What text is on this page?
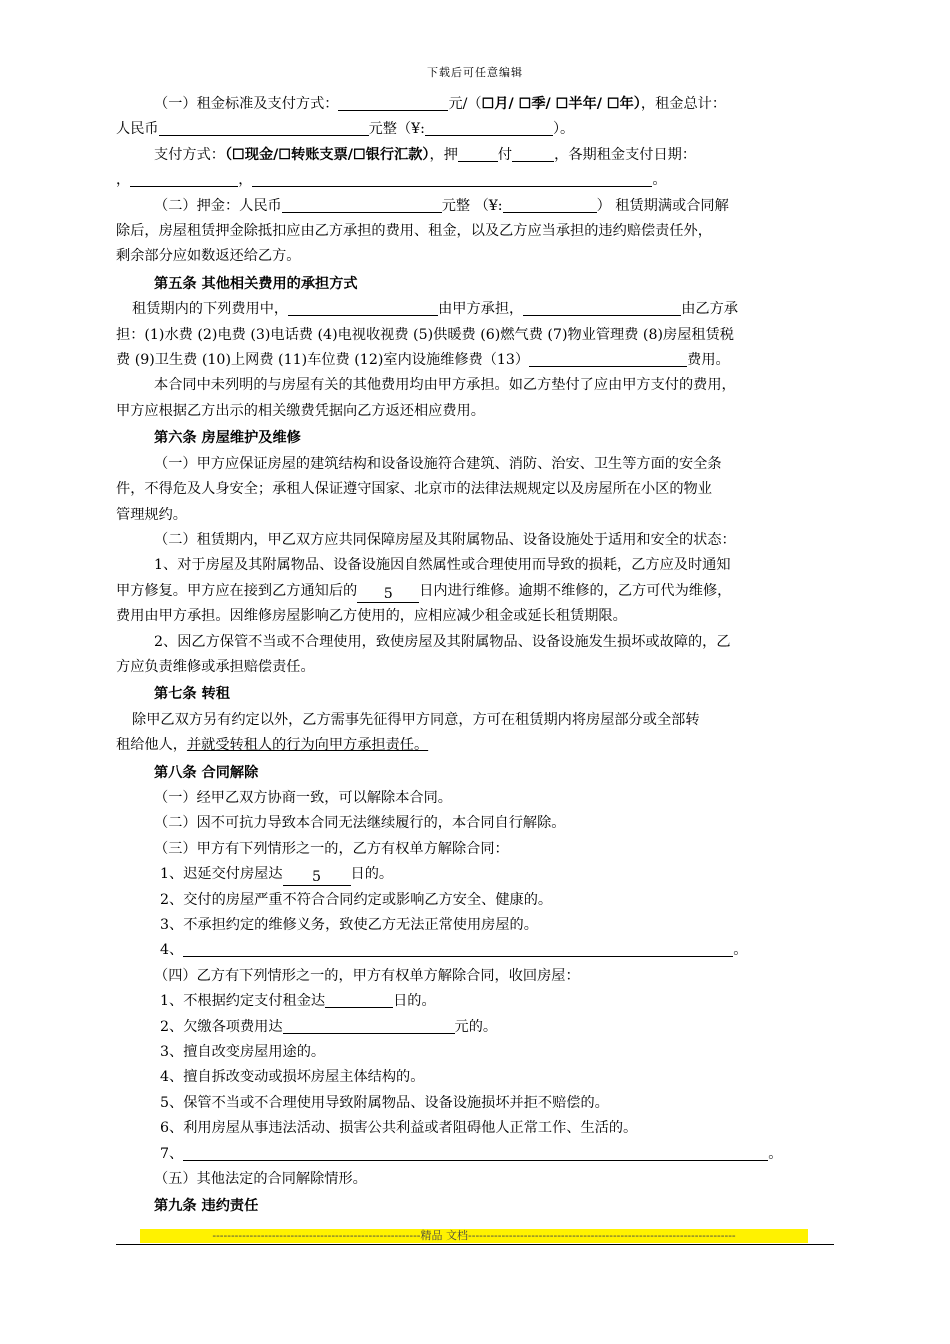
下载后可任意编辑

（一）租金标准及支付方式：	元/（☐月/ ☐季/ ☐半年/ ☐年），租金总计：

人民币	元整（¥:	）。

支付方式：（☐现金/☐转账支票/☐银行汇款），押	付	，各期租金支付日期：

，	，	。

（二）押金：人民币	元整 （¥:	） 租赁期满或合同解

除后，房屋租赁押金除抵扣应由乙方承担的费用、租金，以及乙方应当承担的违约赔偿责任外，

剩余部分应如数返还给乙方。

第五条 其他相关费用的承担方式

租赁期内的下列费用中，	由甲方承担，	由乙方承

担：(1)水费 (2)电费 (3)电话费 (4)电视收视费 (5)供暖费 (6)燃气费 (7)物业管理费 (8)房屋租赁税

费 (9)卫生费 (10)上网费 (11)车位费 (12)室内设施维修费（13）	费用。

本合同中未列明的与房屋有关的其他费用均由甲方承担。如乙方垫付了应由甲方支付的费用，

甲方应根据乙方出示的相关缴费凭据向乙方返还相应费用。

第六条 房屋维护及维修

（一）甲方应保证房屋的建筑结构和设备设施符合建筑、消防、治安、卫生等方面的安全条

件，不得危及人身安全；承租人保证遵守国家、北京市的法律法规规定以及房屋所在小区的物业

管理规约。

（二）租赁期内，甲乙双方应共同保障房屋及其附属物品、设备设施处于适用和安全的状态：

1、对于房屋及其附属物品、设备设施因自然属性或合理使用而导致的损耗，乙方应及时通知

甲方修复。甲方应在接到乙方通知后的 5 日内进行维修。逾期不维修的，乙方可代为维修，

费用由甲方承担。因维修房屋影响乙方使用的，应相应减少租金或延长租赁期限。

2、因乙方保管不当或不合理使用，致使房屋及其附属物品、设备设施发生损坏或故障的，乙

方应负责维修或承担赔偿责任。

第七条 转租

除甲乙双方另有约定以外，乙方需事先征得甲方同意，方可在租赁期内将房屋部分或全部转

租给他人，并就受转租人的行为向甲方承担责任。

第八条 合同解除

（一）经甲乙双方协商一致，可以解除本合同。

（二）因不可抗力导致本合同无法继续履行的，本合同自行解除。

（三）甲方有下列情形之一的，乙方有权单方解除合同：

1、迟延交付房屋达 5 日的。

2、交付的房屋严重不符合合同约定或影响乙方安全、健康的。

3、不承担约定的维修义务，致使乙方无法正常使用房屋的。

4、	。

（四）乙方有下列情形之一的，甲方有权单方解除合同，收回房屋：

1、不根据约定支付租金达	日的。

2、欠缴各项费用达	元的。

3、擅自改变房屋用途的。

4、擅自拆改变动或损坏房屋主体结构的。

5、保管不当或不合理使用导致附属物品、设备设施损坏并拒不赔偿的。

6、利用房屋从事违法活动、损害公共利益或者阻碍他人正常工作、生活的。

7、	。

（五）其他法定的合同解除情形。

第九条 违约责任

--------------------------------------------------------精品 文档------------------------------------------------------------------------
